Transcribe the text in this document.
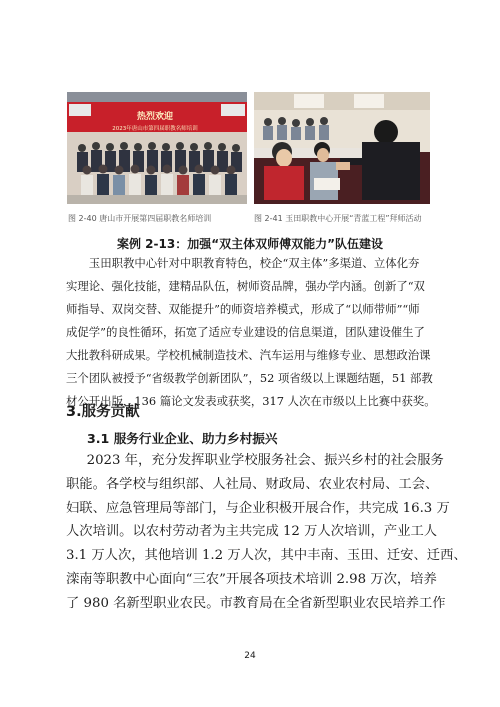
热烈欢迎
2023年唐山市第四届职教名师培训
图 2-40 唐山市开展第四届职教名师培训	图 2-41 玉田职教中心开展“青蓝工程”拜师活动
案例 2-13：加强“双主体双师傅双能力”队伍建设
玉田职教中心针对中职教育特色，校企“双主体”多渠道、立体化夯
实理论、强化技能，建精品队伍，树师资品牌，强办学内涵。创新了“双
师指导、双岗交替、双能提升”的师资培养模式，形成了“以师带师”“师
成促学”的良性循环，拓宽了适应专业建设的信息渠道，团队建设催生了
大批教科研成果。学校机械制造技术、汽车运用与维修专业、思想政治课
三个团队被授予“省级教学创新团队”，52 项省级以上课题结题，51 部教
材公开出版，136 篇论文发表或获奖，317 人次在市级以上比赛中获奖。
3.服务贡献
3.1 服务行业企业、助力乡村振兴
2023 年，充分发挥职业学校服务社会、振兴乡村的社会服务
职能。各学校与组织部、人社局、财政局、农业农村局、工会、
妇联、应急管理局等部门，与企业积极开展合作，共完成 16.3 万
人次培训。以农村劳动者为主共完成 12 万人次培训，产业工人
3.1 万人次，其他培训 1.2 万人次，其中丰南、玉田、迁安、迁西、
滦南等职教中心面向“三农”开展各项技术培训 2.98 万次，培养
了 980 名新型职业农民。市教育局在全省新型职业农民培养工作
24
